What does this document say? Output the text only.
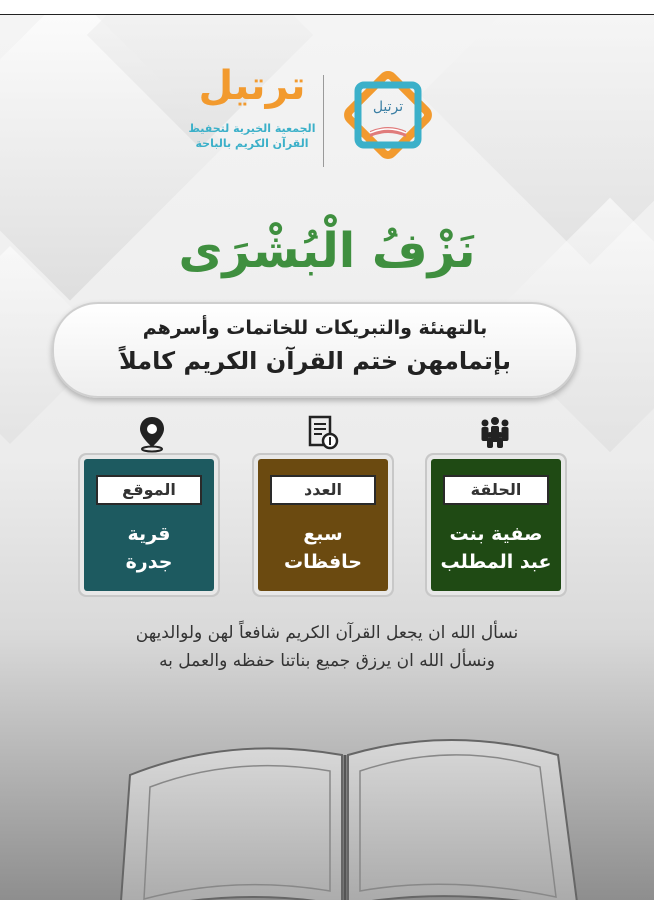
ترتيل
الجمعية الخيرية لتحفيظ
القرآن الكريم بالباحة
ترتيل
نَزْفُ الْبُشْرَى
بالتهنئة والتبريكات للخاتمات وأسرهم
بإتمامهن ختم القرآن الكريم كاملاً
الموقع
قرية
جدرة
العدد
سبع
حافظات
الحلقة
صفية بنت
عبد المطلب
نسأل الله ان يجعل القرآن الكريم شافعاً لهن ولوالديهن
ونسأل الله ان يرزق جميع بناتنا حفظه والعمل به
